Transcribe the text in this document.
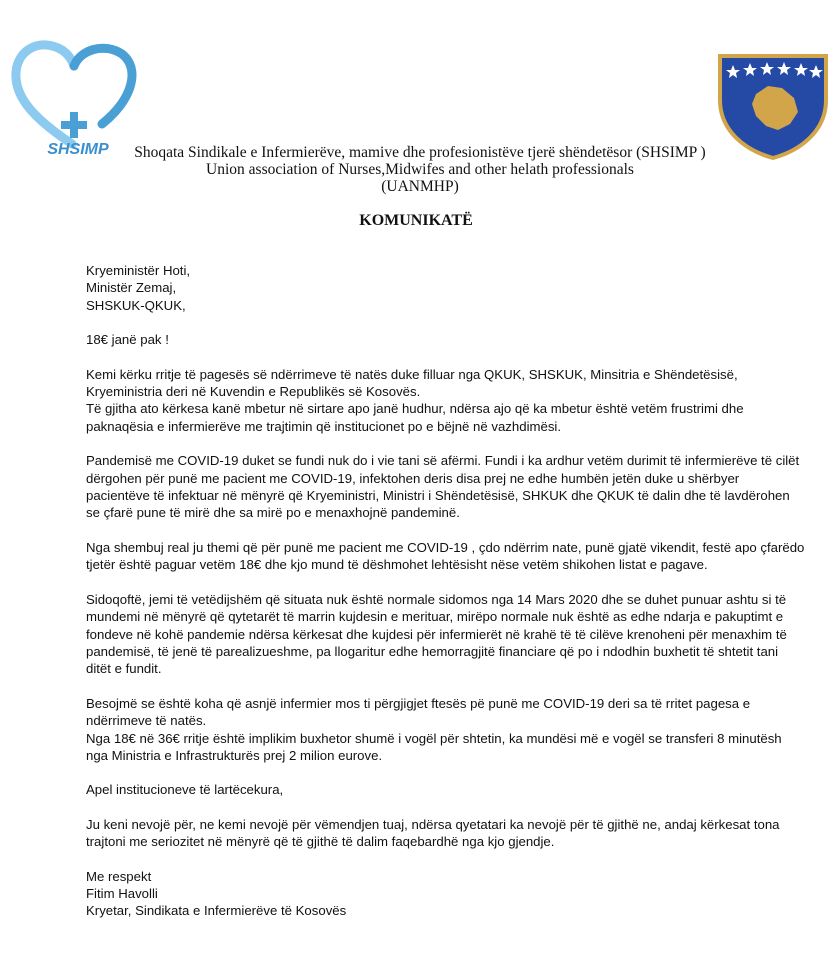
SHSIMP	Shoqata Sindikale e Infermierëve, mamive dhe profesionistëve tjerë shëndetësor (SHSIMP )
Union association of Nurses,Midwifes and other helath professionals
(UANMHP)
KOMUNIKATË

Kryeministër Hoti,

Ministër Zemaj,

SHSKUK-QKUK,

18€ janë pak !

Kemi kërku rritje të pagesës së ndërrimeve të natës duke filluar nga QKUK, SHSKUK, Minsitria e Shëndetësisë, Kryeministria deri në Kuvendin e Republikës së Kosovës.

Të gjitha ato kërkesa kanë mbetur në sirtare apo janë hudhur, ndërsa ajo që ka mbetur është vetëm frustrimi dhe paknaqësia e infermierëve me trajtimin që institucionet po e bëjnë në vazhdimësi.

Pandemisë me COVID-19 duket se fundi nuk do i vie tani së afërmi. Fundi i ka ardhur vetëm durimit të infermierëve të cilët dërgohen për punë me pacient me COVID-19, infektohen deris disa prej ne edhe humbën jetën duke u shërbyer pacientëve të infektuar në mënyrë që Kryeministri, Ministri i Shëndetësisë, SHKUK dhe QKUK të dalin dhe të lavdërohen se çfarë pune të mirë dhe sa mirë po e menaxhojnë pandeminë.

Nga shembuj real ju themi që për punë me pacient me COVID-19 , çdo ndërrim nate, punë gjatë vikendit, festë apo çfarëdo tjetër është paguar vetëm 18€ dhe kjo mund të dëshmohet lehtësisht nëse vetëm shikohen listat e pagave.

Sidoqoftë, jemi të vetëdijshëm që situata nuk është normale sidomos nga 14 Mars 2020 dhe se duhet punuar ashtu si të mundemi në mënyrë që qytetarët të marrin kujdesin e merituar, mirëpo normale nuk është as edhe ndarja e pakuptimt e fondeve në kohë pandemie ndërsa kërkesat dhe kujdesi për infermierët në krahë të të cilëve krenoheni për menaxhim të pandemisë, të jenë të parealizueshme, pa llogaritur edhe hemorragjitë financiare që po i ndodhin buxhetit të shtetit tani ditët e fundit.

Besojmë se është koha që asnjë infermier mos ti përgjigjet ftesës pë punë me COVID-19 deri sa të rritet pagesa e ndërrimeve të natës.

Nga 18€ në 36€ rritje është implikim buxhetor shumë i vogël për shtetin, ka mundësi më e vogël se transferi 8 minutësh nga Ministria e Infrastrukturës prej 2 milion eurove.

Apel institucioneve të lartëcekura,

Ju keni nevojë për, ne kemi nevojë për vëmendjen tuaj, ndërsa qyetatari ka nevojë për të gjithë ne, andaj kërkesat tona trajtoni me seriozitet në mënyrë që të gjithë të dalim faqebardhë nga kjo gjendje.

Me respekt

Fitim Havolli

Kryetar, Sindikata e Infermierëve të Kosovës
